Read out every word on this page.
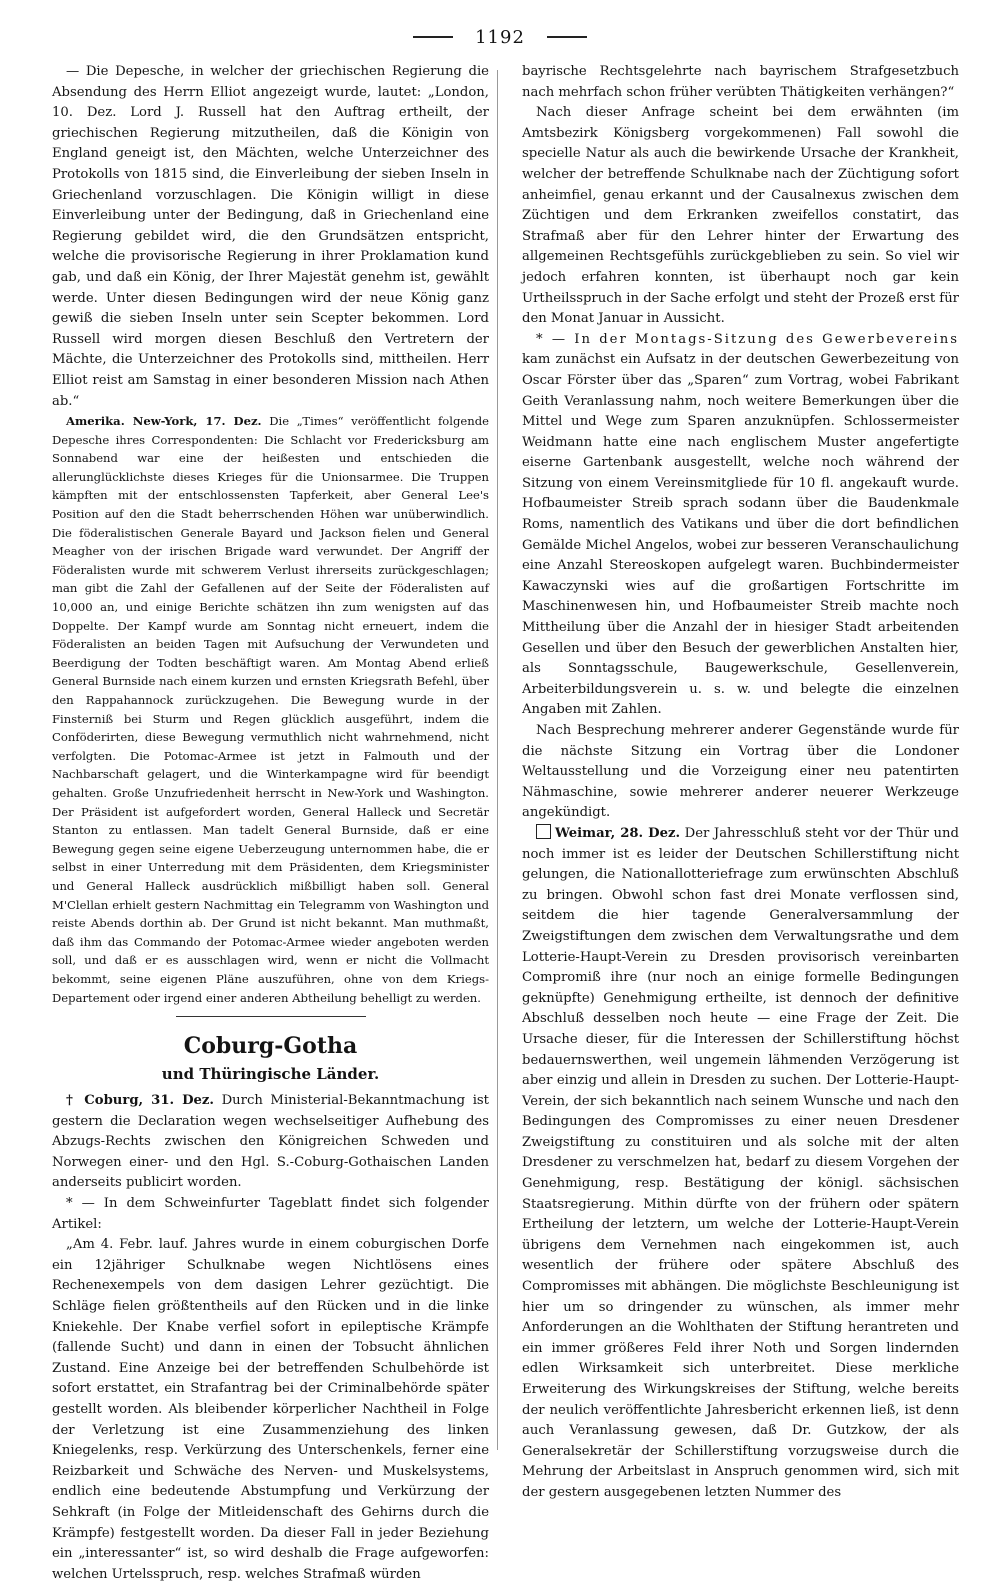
1192

— Die Depesche, in welcher der griechischen Regierung die Absendung des Herrn Elliot angezeigt wurde, lautet: „London, 10. Dez. Lord J. Russell hat den Auftrag ertheilt, der griechischen Regierung mitzutheilen, daß die Königin von England geneigt ist, den Mächten, welche Unterzeichner des Protokolls von 1815 sind, die Einverleibung der sieben Inseln in Griechenland vorzuschlagen. Die Königin willigt in diese Einverleibung unter der Bedingung, daß in Griechenland eine Regierung gebildet wird, die den Grundsätzen entspricht, welche die provisorische Regierung in ihrer Proklamation kund gab, und daß ein König, der Ihrer Majestät genehm ist, gewählt werde. Unter diesen Bedingungen wird der neue König ganz gewiß die sieben Inseln unter sein Scepter bekommen. Lord Russell wird morgen diesen Beschluß den Vertretern der Mächte, die Unterzeichner des Protokolls sind, mittheilen. Herr Elliot reist am Samstag in einer besonderen Mission nach Athen ab.“

Amerika. New-York, 17. Dez. Die „Times“ veröffentlicht folgende Depesche ihres Correspondenten: Die Schlacht vor Fredericksburg am Sonnabend war eine der heißesten und entschieden die allerunglücklichste dieses Krieges für die Unionsarmee. Die Truppen kämpften mit der entschlossensten Tapferkeit, aber General Lee's Position auf den die Stadt beherrschenden Höhen war unüberwindlich. Die föderalistischen Generale Bayard und Jackson fielen und General Meagher von der irischen Brigade ward verwundet. Der Angriff der Föderalisten wurde mit schwerem Verlust ihrerseits zurückgeschlagen; man gibt die Zahl der Gefallenen auf der Seite der Föderalisten auf 10,000 an, und einige Berichte schätzen ihn zum wenigsten auf das Doppelte. Der Kampf wurde am Sonntag nicht erneuert, indem die Föderalisten an beiden Tagen mit Aufsuchung der Verwundeten und Beerdigung der Todten beschäftigt waren. Am Montag Abend erließ General Burnside nach einem kurzen und ernsten Kriegsrath Befehl, über den Rappahannock zurückzugehen. Die Bewegung wurde in der Finsterniß bei Sturm und Regen glücklich ausgeführt, indem die Conföderirten, diese Bewegung vermuthlich nicht wahrnehmend, nicht verfolgten. Die Potomac-Armee ist jetzt in Falmouth und der Nachbarschaft gelagert, und die Winterkampagne wird für beendigt gehalten. Große Unzufriedenheit herrscht in New-York und Washington. Der Präsident ist aufgefordert worden, General Halleck und Secretär Stanton zu entlassen. Man tadelt General Burnside, daß er eine Bewegung gegen seine eigene Ueberzeugung unternommen habe, die er selbst in einer Unterredung mit dem Präsidenten, dem Kriegsminister und General Halleck ausdrücklich mißbilligt haben soll. General M'Clellan erhielt gestern Nachmittag ein Telegramm von Washington und reiste Abends dorthin ab. Der Grund ist nicht bekannt. Man muthmaßt, daß ihm das Commando der Potomac-Armee wieder angeboten werden soll, und daß er es ausschlagen wird, wenn er nicht die Vollmacht bekommt, seine eigenen Pläne auszuführen, ohne von dem Kriegs-Departement oder irgend einer anderen Abtheilung behelligt zu werden.

Coburg-Gotha
und Thüringische Länder.

† Coburg, 31. Dez. Durch Ministerial-Bekanntmachung ist gestern die Declaration wegen wechselseitiger Aufhebung des Abzugs-Rechts zwischen den Königreichen Schweden und Norwegen einer- und den Hgl. S.-Coburg-Gothaischen Landen anderseits publicirt worden.

* — In dem Schweinfurter Tageblatt findet sich folgender Artikel:

„Am 4. Febr. lauf. Jahres wurde in einem coburgischen Dorfe ein 12jähriger Schulknabe wegen Nichtlösens eines Rechenexempels von dem dasigen Lehrer gezüchtigt. Die Schläge fielen größtentheils auf den Rücken und in die linke Kniekehle. Der Knabe verfiel sofort in epileptische Krämpfe (fallende Sucht) und dann in einen der Tobsucht ähnlichen Zustand. Eine Anzeige bei der betreffenden Schulbehörde ist sofort erstattet, ein Strafantrag bei der Criminalbehörde später gestellt worden. Als bleibender körperlicher Nachtheil in Folge der Verletzung ist eine Zusammenziehung des linken Kniegelenks, resp. Verkürzung des Unterschenkels, ferner eine Reizbarkeit und Schwäche des Nerven- und Muskelsystems, endlich eine bedeutende Abstumpfung und Verkürzung der Sehkraft (in Folge der Mitleidenschaft des Gehirns durch die Krämpfe) festgestellt worden. Da dieser Fall in jeder Beziehung ein „interessanter“ ist, so wird deshalb die Frage aufgeworfen: welchen Urtelsspruch, resp. welches Strafmaß würden

bayrische Rechtsgelehrte nach bayrischem Strafgesetzbuch nach mehrfach schon früher verübten Thätigkeiten verhängen?“

Nach dieser Anfrage scheint bei dem erwähnten (im Amtsbezirk Königsberg vorgekommenen) Fall sowohl die specielle Natur als auch die bewirkende Ursache der Krankheit, welcher der betreffende Schulknabe nach der Züchtigung sofort anheimfiel, genau erkannt und der Causalnexus zwischen dem Züchtigen und dem Erkranken zweifellos constatirt, das Strafmaß aber für den Lehrer hinter der Erwartung des allgemeinen Rechtsgefühls zurückgeblieben zu sein. So viel wir jedoch erfahren konnten, ist überhaupt noch gar kein Urtheilsspruch in der Sache erfolgt und steht der Prozeß erst für den Monat Januar in Aussicht.

* — In der Montags-Sitzung des Gewerbevereins kam zunächst ein Aufsatz in der deutschen Gewerbezeitung von Oscar Förster über das „Sparen“ zum Vortrag, wobei Fabrikant Geith Veranlassung nahm, noch weitere Bemerkungen über die Mittel und Wege zum Sparen anzuknüpfen. Schlossermeister Weidmann hatte eine nach englischem Muster angefertigte eiserne Gartenbank ausgestellt, welche noch während der Sitzung von einem Vereinsmitgliede für 10 fl. angekauft wurde. Hofbaumeister Streib sprach sodann über die Baudenkmale Roms, namentlich des Vatikans und über die dort befindlichen Gemälde Michel Angelos, wobei zur besseren Veranschaulichung eine Anzahl Stereoskopen aufgelegt waren. Buchbindermeister Kawaczynski wies auf die großartigen Fortschritte im Maschinenwesen hin, und Hofbaumeister Streib machte noch Mittheilung über die Anzahl der in hiesiger Stadt arbeitenden Gesellen und über den Besuch der gewerblichen Anstalten hier, als Sonntagsschule, Baugewerkschule, Gesellenverein, Arbeiterbildungsverein u. s. w. und belegte die einzelnen Angaben mit Zahlen.

Nach Besprechung mehrerer anderer Gegenstände wurde für die nächste Sitzung ein Vortrag über die Londoner Weltausstellung und die Vorzeigung einer neu patentirten Nähmaschine, sowie mehrerer anderer neuerer Werkzeuge angekündigt.

Weimar, 28. Dez. Der Jahresschluß steht vor der Thür und noch immer ist es leider der Deutschen Schillerstiftung nicht gelungen, die Nationallotteriefrage zum erwünschten Abschluß zu bringen. Obwohl schon fast drei Monate verflossen sind, seitdem die hier tagende Generalversammlung der Zweigstiftungen dem zwischen dem Verwaltungsrathe und dem Lotterie-Haupt-Verein zu Dresden provisorisch vereinbarten Compromiß ihre (nur noch an einige formelle Bedingungen geknüpfte) Genehmigung ertheilte, ist dennoch der definitive Abschluß desselben noch heute — eine Frage der Zeit. Die Ursache dieser, für die Interessen der Schillerstiftung höchst bedauernswerthen, weil ungemein lähmenden Verzögerung ist aber einzig und allein in Dresden zu suchen. Der Lotterie-Haupt-Verein, der sich bekanntlich nach seinem Wunsche und nach den Bedingungen des Compromisses zu einer neuen Dresdener Zweigstiftung zu constituiren und als solche mit der alten Dresdener zu verschmelzen hat, bedarf zu diesem Vorgehen der Genehmigung, resp. Bestätigung der königl. sächsischen Staatsregierung. Mithin dürfte von der frühern oder spätern Ertheilung der letztern, um welche der Lotterie-Haupt-Verein übrigens dem Vernehmen nach eingekommen ist, auch wesentlich der frühere oder spätere Abschluß des Compromisses mit abhängen. Die möglichste Beschleunigung ist hier um so dringender zu wünschen, als immer mehr Anforderungen an die Wohlthaten der Stiftung herantreten und ein immer größeres Feld ihrer Noth und Sorgen lindernden edlen Wirksamkeit sich unterbreitet. Diese merkliche Erweiterung des Wirkungskreises der Stiftung, welche bereits der neulich veröffentlichte Jahresbericht erkennen ließ, ist denn auch Veranlassung gewesen, daß Dr. Gutzkow, der als Generalsekretär der Schillerstiftung vorzugsweise durch die Mehrung der Arbeitslast in Anspruch genommen wird, sich mit der gestern ausgegebenen letzten Nummer des
